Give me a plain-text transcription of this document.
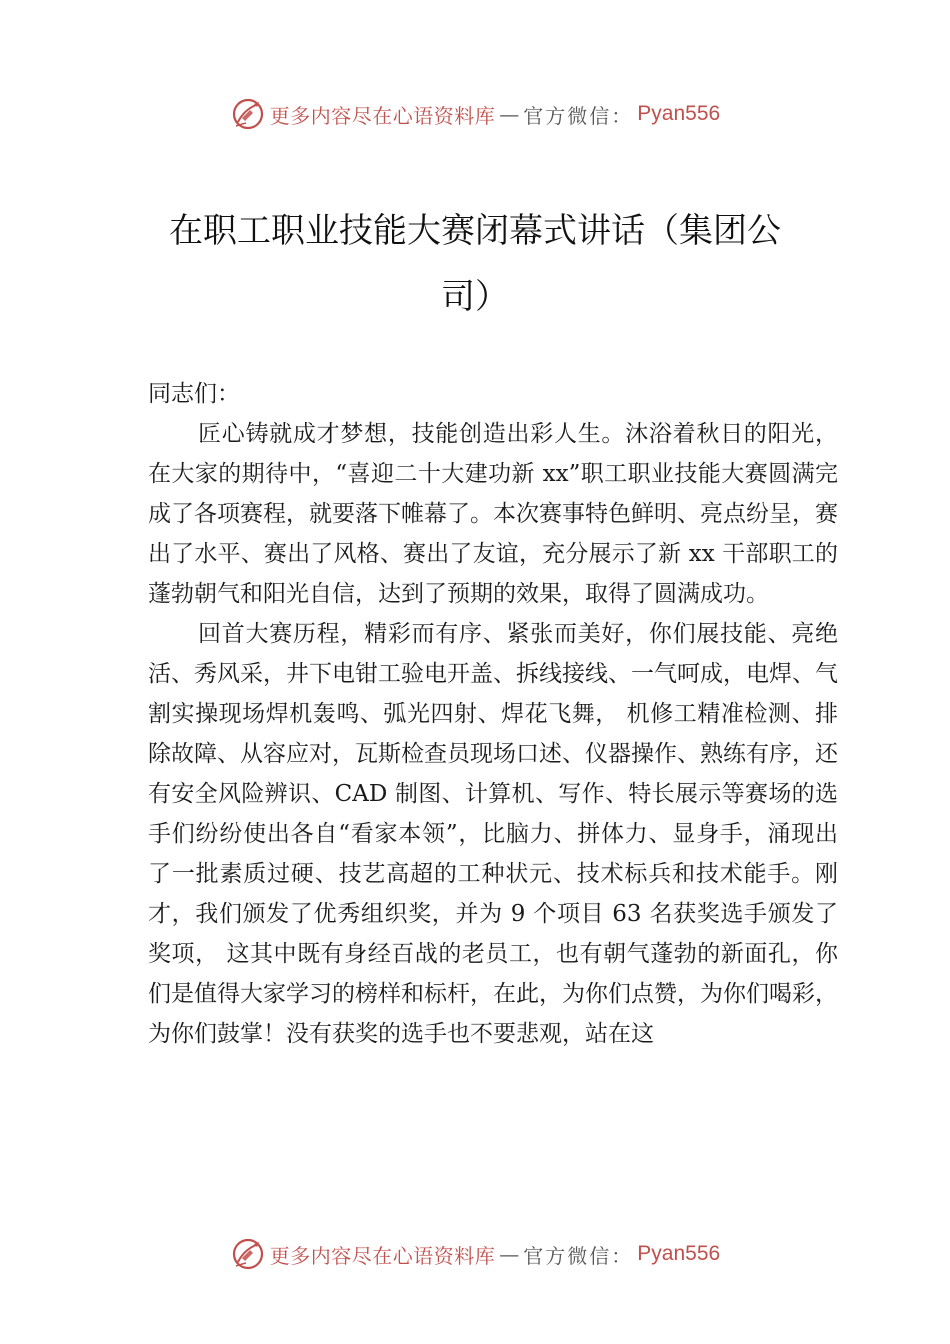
更多内容尽在心语资料库 — 官方微信： Pyan556
在职工职业技能大赛闭幕式讲话（集团公司）

同志们：

匠心铸就成才梦想，技能创造出彩人生。沐浴着秋日的阳光，在大家的期待中，“喜迎二十大建功新 xx”职工职业技能大赛圆满完成了各项赛程，就要落下帷幕了。本次赛事特色鲜明、亮点纷呈，赛出了水平、赛出了风格、赛出了友谊，充分展示了新 xx 干部职工的蓬勃朝气和阳光自信，达到了预期的效果，取得了圆满成功。

回首大赛历程，精彩而有序、紧张而美好，你们展技能、亮绝活、秀风采，井下电钳工验电开盖、拆线接线、一气呵成，电焊、气割实操现场焊机轰鸣、弧光四射、焊花飞舞， 机修工精准检测、排除故障、从容应对，瓦斯检查员现场口述、仪器操作、熟练有序，还有安全风险辨识、CAD 制图、计算机、写作、特长展示等赛场的选手们纷纷使出各自“看家本领”，比脑力、拼体力、显身手，涌现出了一批素质过硬、技艺高超的工种状元、技术标兵和技术能手。刚才，我们颁发了优秀组织奖，并为 9 个项目 63 名获奖选手颁发了奖项， 这其中既有身经百战的老员工，也有朝气蓬勃的新面孔，你们是值得大家学习的榜样和标杆，在此，为你们点赞，为你们喝彩，为你们鼓掌！没有获奖的选手也不要悲观，站在这

更多内容尽在心语资料库 — 官方微信： Pyan556
